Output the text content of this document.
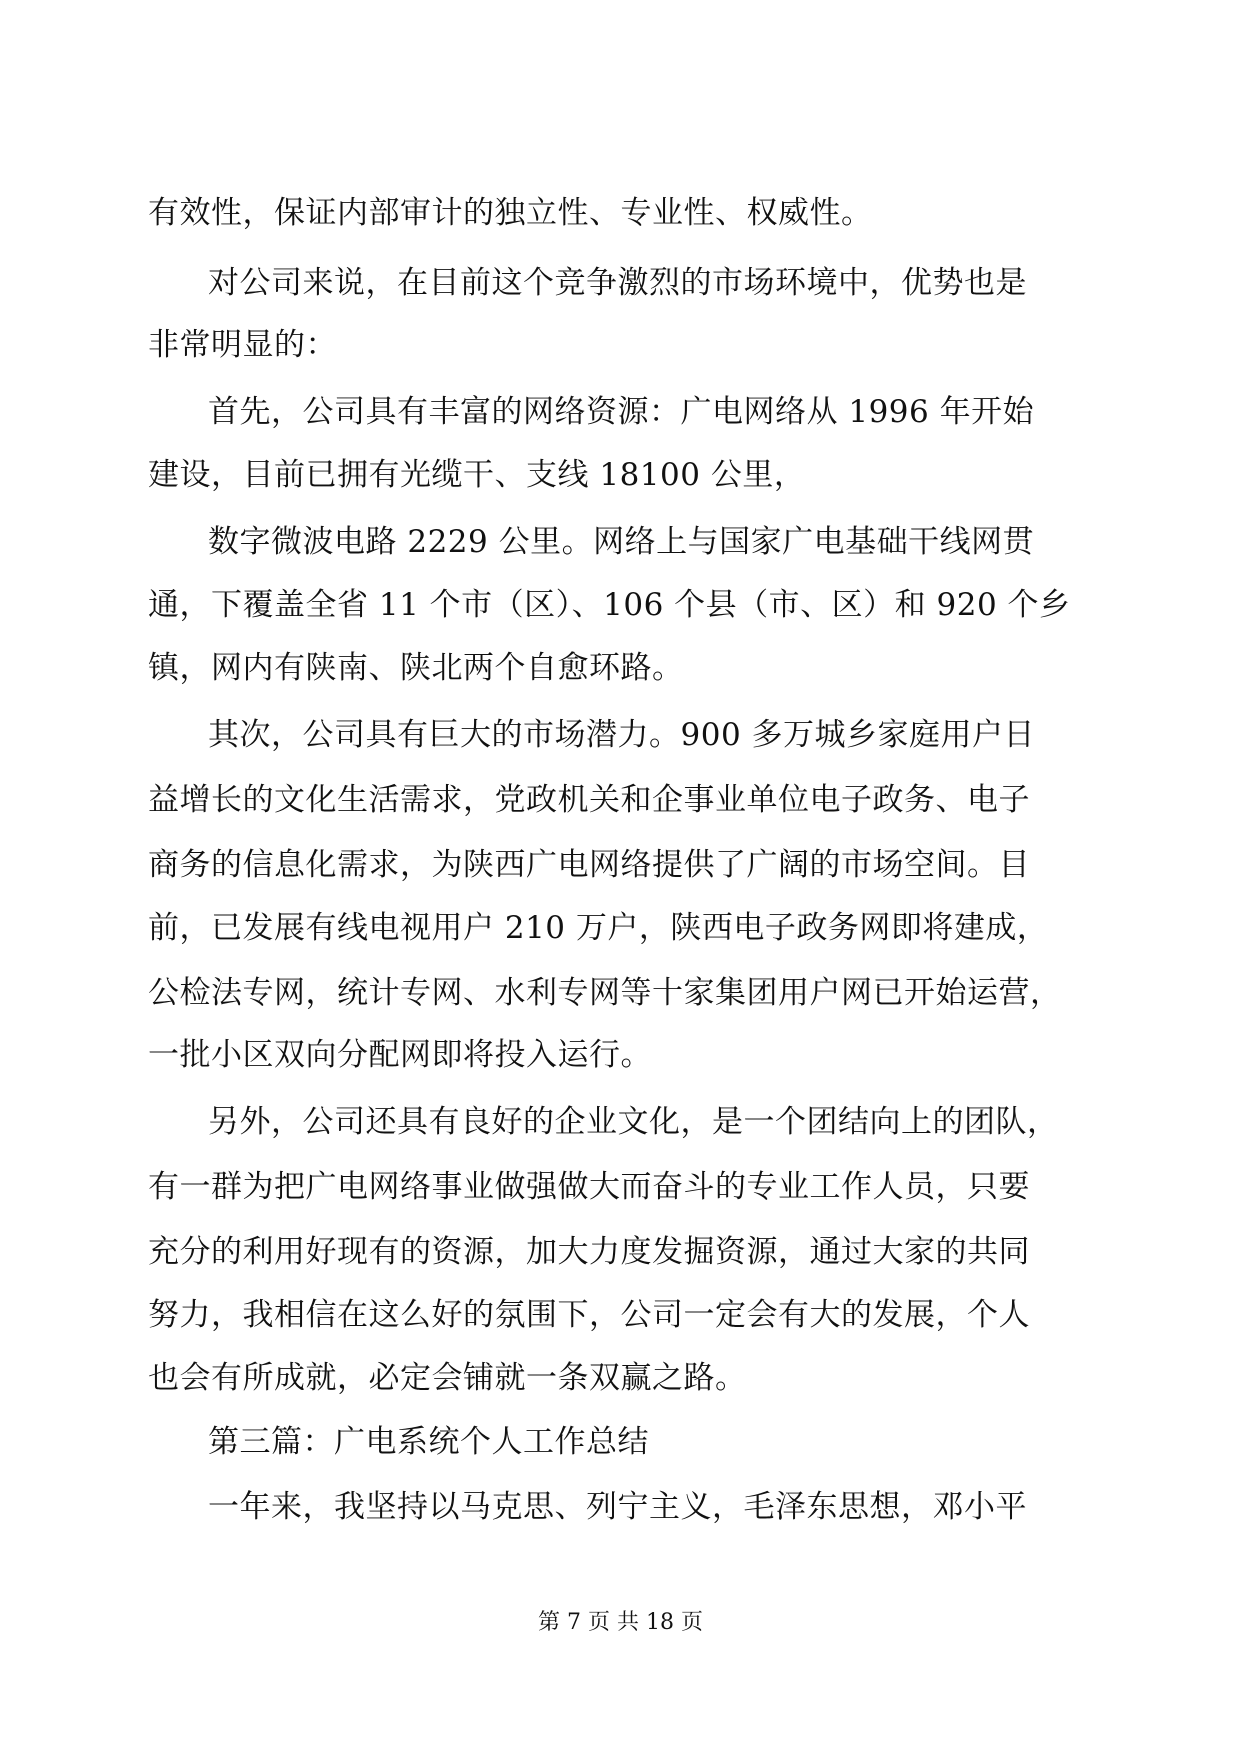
有效性，保证内部审计的独立性、专业性、权威性。
对公司来说，在目前这个竞争激烈的市场环境中，优势也是
非常明显的：
首先，公司具有丰富的网络资源：广电网络从 1996 年开始
建设，目前已拥有光缆干、支线 18100 公里，
数字微波电路 2229 公里。网络上与国家广电基础干线网贯
通，下覆盖全省 11 个市（区）、106 个县（市、区）和 920 个乡
镇，网内有陕南、陕北两个自愈环路。
其次，公司具有巨大的市场潜力。900 多万城乡家庭用户日
益增长的文化生活需求，党政机关和企事业单位电子政务、电子
商务的信息化需求，为陕西广电网络提供了广阔的市场空间。目
前，已发展有线电视用户 210 万户，陕西电子政务网即将建成，
公检法专网，统计专网、水利专网等十家集团用户网已开始运营，
一批小区双向分配网即将投入运行。
另外，公司还具有良好的企业文化，是一个团结向上的团队，
有一群为把广电网络事业做强做大而奋斗的专业工作人员，只要
充分的利用好现有的资源，加大力度发掘资源，通过大家的共同
努力，我相信在这么好的氛围下，公司一定会有大的发展，个人
也会有所成就，必定会铺就一条双赢之路。
第三篇：广电系统个人工作总结
一年来，我坚持以马克思、列宁主义，毛泽东思想，邓小平
第 7 页 共 18 页
